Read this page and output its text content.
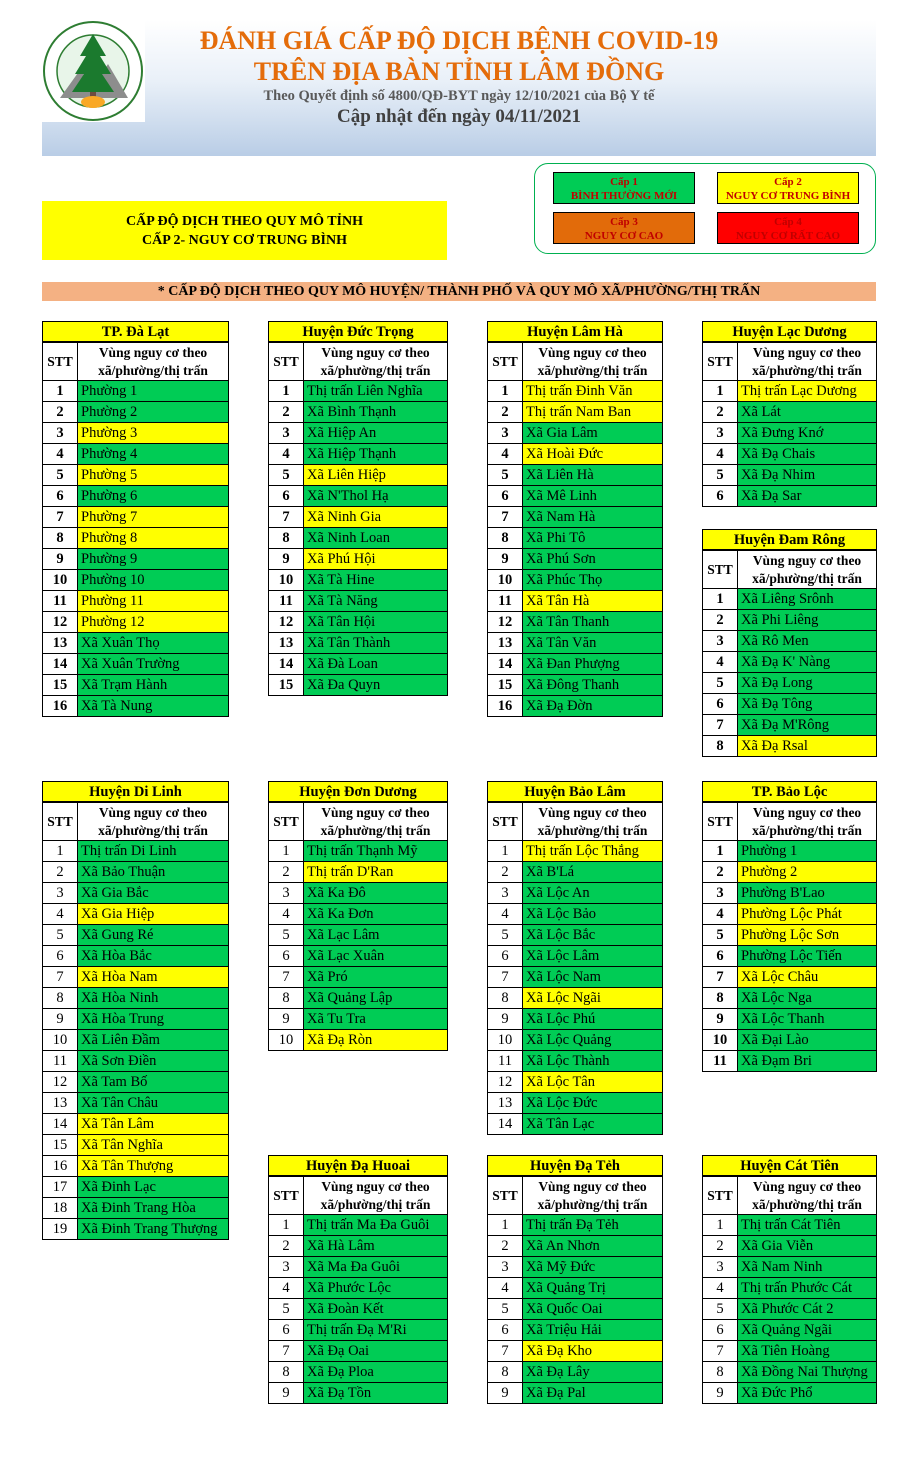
ĐÁNH GIÁ CẤP ĐỘ DỊCH BỆNH COVID-19
TRÊN ĐỊA BÀN TỈNH LÂM ĐỒNG
Theo Quyết định số 4800/QĐ-BYT ngày 12/10/2021 của Bộ Y tế
Cập nhật đến ngày 04/11/2021
Cấp 1
BÌNH THƯỜNG MỚI
Cấp 2
NGUY CƠ TRUNG BÌNH
Cấp 3
NGUY CƠ CAO
Cấp 4
NGUY CƠ RẤT CAO
CẤP ĐỘ DỊCH THEO QUY MÔ TỈNH
CẤP 2- NGUY CƠ TRUNG BÌNH
* CẤP ĐỘ DỊCH THEO QUY MÔ HUYỆN/ THÀNH PHỐ VÀ QUY MÔ XÃ/PHƯỜNG/THỊ TRẤN
TP. Đà Lạt
STT	Vùng nguy cơ theo
xã/phường/thị trấn

1	Phường 1
2	Phường 2
3	Phường 3
4	Phường 4
5	Phường 5
6	Phường 6
7	Phường 7
8	Phường 8
9	Phường 9
10	Phường 10
11	Phường 11
12	Phường 12
13	Xã Xuân Thọ
14	Xã Xuân Trường
15	Xã Trạm Hành
16	Xã Tà Nung
Huyện Đức Trọng
STT	Vùng nguy cơ theo
xã/phường/thị trấn

1	Thị trấn Liên Nghĩa
2	Xã Bình Thạnh
3	Xã Hiệp An
4	Xã Hiệp Thạnh
5	Xã Liên Hiệp
6	Xã N'Thol Hạ
7	Xã Ninh Gia
8	Xã Ninh Loan
9	Xã Phú Hội
10	Xã Tà Hine
11	Xã Tà Năng
12	Xã Tân Hội
13	Xã Tân Thành
14	Xã Đà Loan
15	Xã Đa Quyn
Huyện Lâm Hà
STT	Vùng nguy cơ theo
xã/phường/thị trấn

1	Thị trấn Đinh Văn
2	Thị trấn Nam Ban
3	Xã Gia Lâm
4	Xã Hoài Đức
5	Xã Liên Hà
6	Xã Mê Linh
7	Xã Nam Hà
8	Xã Phi Tô
9	Xã Phú Sơn
10	Xã Phúc Thọ
11	Xã Tân Hà
12	Xã Tân Thanh
13	Xã Tân Văn
14	Xã Đan Phượng
15	Xã Đông Thanh
16	Xã Đạ Đờn
Huyện Lạc Dương
STT	Vùng nguy cơ theo
xã/phường/thị trấn

1	Thị trấn Lạc Dương
2	Xã Lát
3	Xã Đưng Knớ
4	Xã Đạ Chais
5	Xã Đạ Nhim
6	Xã Đạ Sar
Huyện Đam Rông
STT	Vùng nguy cơ theo
xã/phường/thị trấn

1	Xã Liêng Srônh
2	Xã Phi Liêng
3	Xã Rô Men
4	Xã Đạ K' Nàng
5	Xã Đạ Long
6	Xã Đạ Tông
7	Xã Đạ M'Rông
8	Xã Đạ Rsal
Huyện Di Linh
STT	Vùng nguy cơ theo
xã/phường/thị trấn

1	Thị trấn Di Linh
2	Xã Bảo Thuận
3	Xã Gia Bắc
4	Xã Gia Hiệp
5	Xã Gung Ré
6	Xã Hòa Bắc
7	Xã Hòa Nam
8	Xã Hòa Ninh
9	Xã Hòa Trung
10	Xã Liên Đầm
11	Xã Sơn Điền
12	Xã Tam Bố
13	Xã Tân Châu
14	Xã Tân Lâm
15	Xã Tân Nghĩa
16	Xã Tân Thượng
17	Xã Đinh Lạc
18	Xã Đinh Trang Hòa
19	Xã Đinh Trang Thượng
Huyện Đơn Dương
STT	Vùng nguy cơ theo
xã/phường/thị trấn

1	Thị trấn Thạnh Mỹ
2	Thị trấn D'Ran
3	Xã Ka Đô
4	Xã Ka Đơn
5	Xã Lạc Lâm
6	Xã Lạc Xuân
7	Xã Pró
8	Xã Quảng Lập
9	Xã Tu Tra
10	Xã Đạ Ròn
Huyện Bảo Lâm
STT	Vùng nguy cơ theo
xã/phường/thị trấn

1	Thị trấn Lộc Thắng
2	Xã B'Lá
3	Xã Lộc An
4	Xã Lộc Bảo
5	Xã Lộc Bắc
6	Xã Lộc Lâm
7	Xã Lộc Nam
8	Xã Lộc Ngãi
9	Xã Lộc Phú
10	Xã Lộc Quảng
11	Xã Lộc Thành
12	Xã Lộc Tân
13	Xã Lộc Đức
14	Xã Tân Lạc
TP. Bảo Lộc
STT	Vùng nguy cơ theo
xã/phường/thị trấn

1	Phường 1
2	Phường 2
3	Phường B'Lao
4	Phường Lộc Phát
5	Phường Lộc Sơn
6	Phường Lộc Tiến
7	Xã Lộc Châu
8	Xã Lộc Nga
9	Xã Lộc Thanh
10	Xã Đại Lào
11	Xã Đạm Bri
Huyện Đạ Huoai
STT	Vùng nguy cơ theo
xã/phường/thị trấn

1	Thị trấn Ma Đa Guôi
2	Xã Hà Lâm
3	Xã Ma Đa Guôi
4	Xã Phước Lộc
5	Xã Đoàn Kết
6	Thị trấn Đạ M'Ri
7	Xã Đạ Oai
8	Xã Đạ Ploa
9	Xã Đạ Tồn
Huyện Đạ Tẻh
STT	Vùng nguy cơ theo
xã/phường/thị trấn

1	Thị trấn Đạ Tẻh
2	Xã An Nhơn
3	Xã Mỹ Đức
4	Xã Quảng Trị
5	Xã Quốc Oai
6	Xã Triệu Hải
7	Xã Đạ Kho
8	Xã Đạ Lây
9	Xã Đạ Pal
Huyện Cát Tiên
STT	Vùng nguy cơ theo
xã/phường/thị trấn

1	Thị trấn Cát Tiên
2	Xã Gia Viễn
3	Xã Nam Ninh
4	Thị trấn Phước Cát
5	Xã Phước Cát 2
6	Xã Quảng Ngãi
7	Xã Tiên Hoàng
8	Xã Đồng Nai Thượng
9	Xã Đức Phổ
